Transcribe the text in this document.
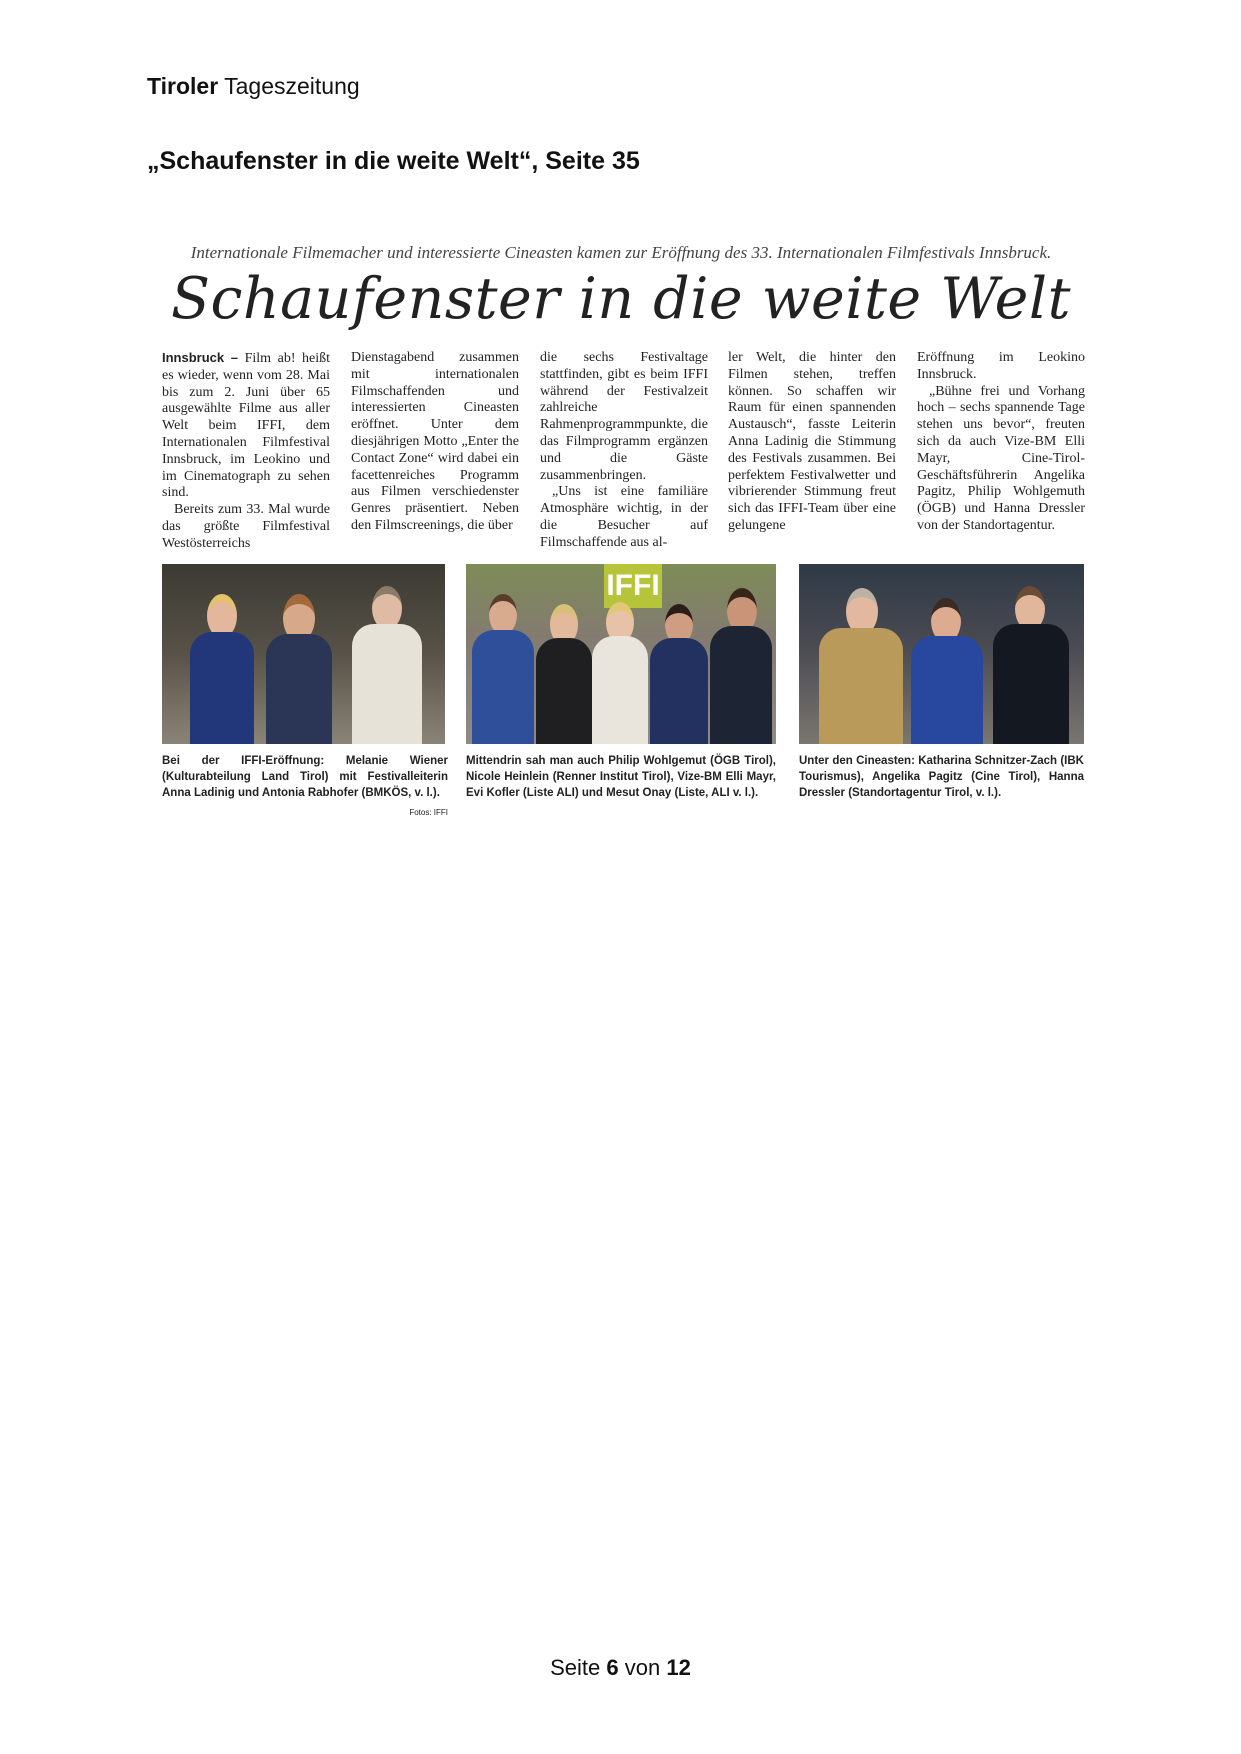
Tiroler Tageszeitung
„Schaufenster in die weite Welt“, Seite 35
Internationale Filmemacher und interessierte Cineasten kamen zur Eröffnung des 33. Internationalen Filmfestivals Innsbruck.
Schaufenster in die weite Welt

Innsbruck – Film ab! heißt es wieder, wenn vom 28. Mai bis zum 2. Juni über 65 ausgewählte Filme aus aller Welt beim IFFI, dem Internationalen Filmfestival Innsbruck, im Leokino und im Cinematograph zu sehen sind.

Bereits zum 33. Mal wurde das größte Filmfestival Westösterreichs

Dienstagabend zusammen mit internationalen Filmschaffenden und interessierten Cineasten eröffnet. Unter dem diesjährigen Motto „Enter the Contact Zone“ wird dabei ein facettenreiches Programm aus Filmen verschiedenster Genres präsentiert. Neben den Filmscreenings, die über

die sechs Festivaltage stattfinden, gibt es beim IFFI während der Festivalzeit zahlreiche Rahmenprogrammpunkte, die das Filmprogramm ergänzen und die Gäste zusammenbringen.

„Uns ist eine familiäre Atmosphäre wichtig, in der die Besucher auf Filmschaffende aus al-

ler Welt, die hinter den Filmen stehen, treffen können. So schaffen wir Raum für einen spannenden Austausch“, fasste Leiterin Anna Ladinig die Stimmung des Festivals zusammen. Bei perfektem Festivalwetter und vibrierender Stimmung freut sich das IFFI-Team über eine gelungene

Eröffnung im Leokino Innsbruck.

„Bühne frei und Vorhang hoch – sechs spannende Tage stehen uns bevor“, freuten sich da auch Vize-BM Elli Mayr, Cine-Tirol-Geschäftsführerin Angelika Pagitz, Philip Wohlgemuth (ÖGB) und Hanna Dressler von der Standortagentur.

IFFI
Bei der IFFI-Eröffnung: Melanie Wiener (Kulturabteilung Land Tirol) mit Festivalleiterin Anna Ladinig und Antonia Rabhofer (BMKÖS, v. l.).
Fotos: IFFI
Mittendrin sah man auch Philip Wohlgemut (ÖGB Tirol), Nicole Heinlein (Renner Institut Tirol), Vize-BM Elli Mayr, Evi Kofler (Liste ALI) und Mesut Onay (Liste, ALI v. l.).
Unter den Cineasten: Katharina Schnitzer-Zach (IBK Tourismus), Angelika Pagitz (Cine Tirol), Hanna Dressler (Standortagentur Tirol, v. l.).
Seite 6 von 12
